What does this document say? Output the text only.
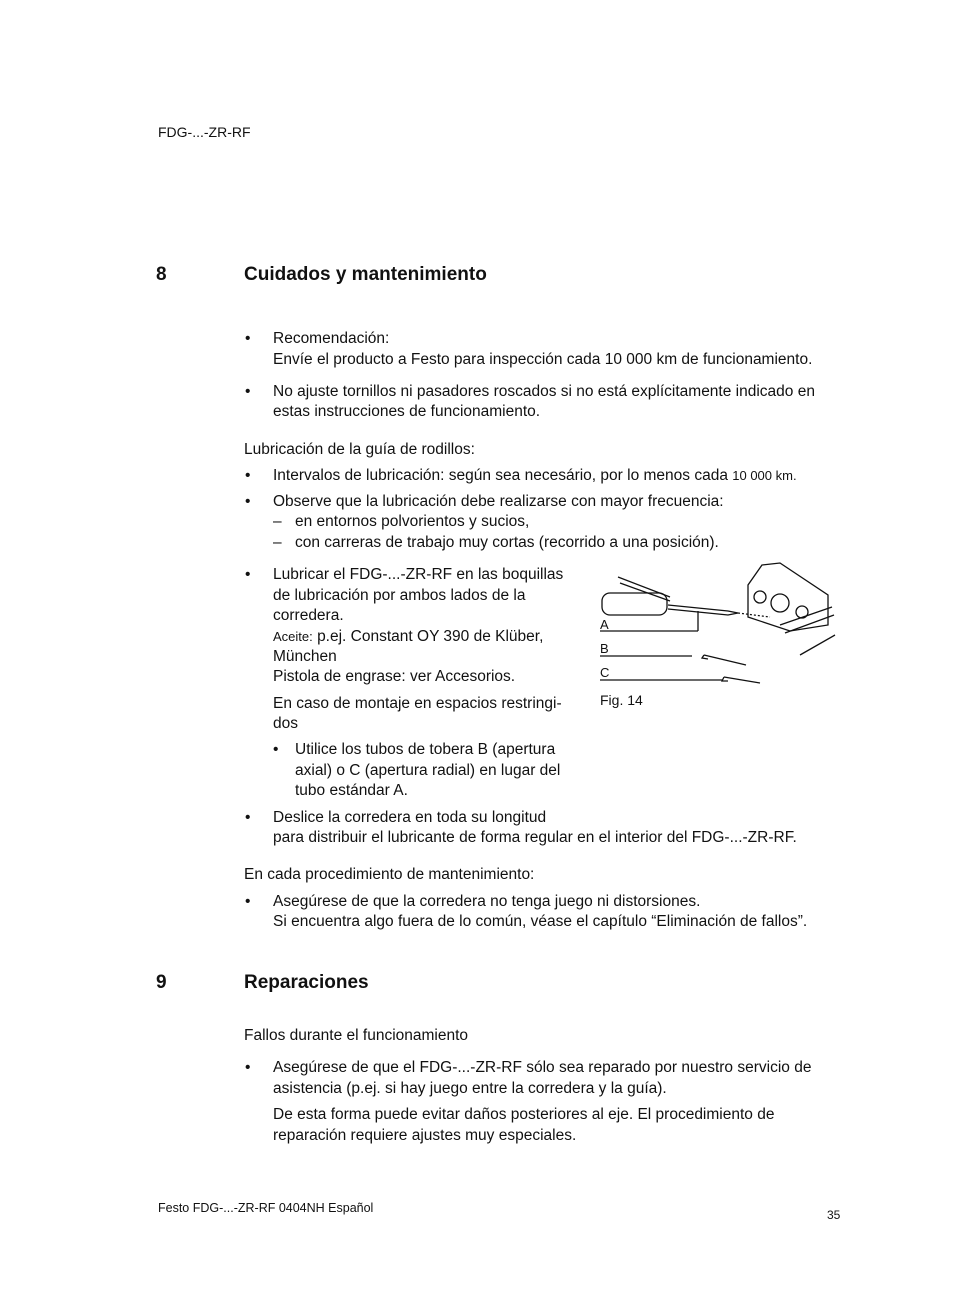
FDG-...-ZR-RF
8	Cuidados y mantenimiento
• Recomendación:
Envíe el producto a Festo para inspección cada 10 000 km de funcionamiento.
• No ajuste tornillos ni pasadores roscados si no está explícitamente indicado en
estas instrucciones de funcionamiento.
Lubricación de la guía de rodillos:
• Intervalos de lubricación: según sea necesário, por lo menos cada 10 000 km.
• Observe que la lubricación debe realizarse con mayor frecuencia:
– en entornos polvorientos y sucios,
– con carreras de trabajo muy cortas (recorrido a una posición).
• Lubricar el FDG-...-ZR-RF en las boquillas
de lubricación por ambos lados de la
corredera.
Aceite: p.ej. Constant OY 390 de Klüber,
München
Pistola de engrase: ver Accesorios.
En caso de montaje en espacios restringi-
dos
• Utilice los tubos de tobera B (apertura
axial) o C (apertura radial) en lugar del
tubo estándar A.
A
B
C
Fig. 14
• Deslice la corredera en toda su longitud
para distribuir el lubricante de forma regular en el interior del FDG-...-ZR-RF.
En cada procedimiento de mantenimiento:
• Asegúrese de que la corredera no tenga juego ni distorsiones.
Si encuentra algo fuera de lo común, véase el capítulo “Eliminación de fallos”.
9	Reparaciones
Fallos durante el funcionamiento
• Asegúrese de que el FDG-...-ZR-RF sólo sea reparado por nuestro servicio de
asistencia (p.ej. si hay juego entre la corredera y la guía).
De esta forma puede evitar daños posteriores al eje. El procedimiento de
reparación requiere ajustes muy especiales.
Festo FDG-...-ZR-RF 0404NH Español	35
